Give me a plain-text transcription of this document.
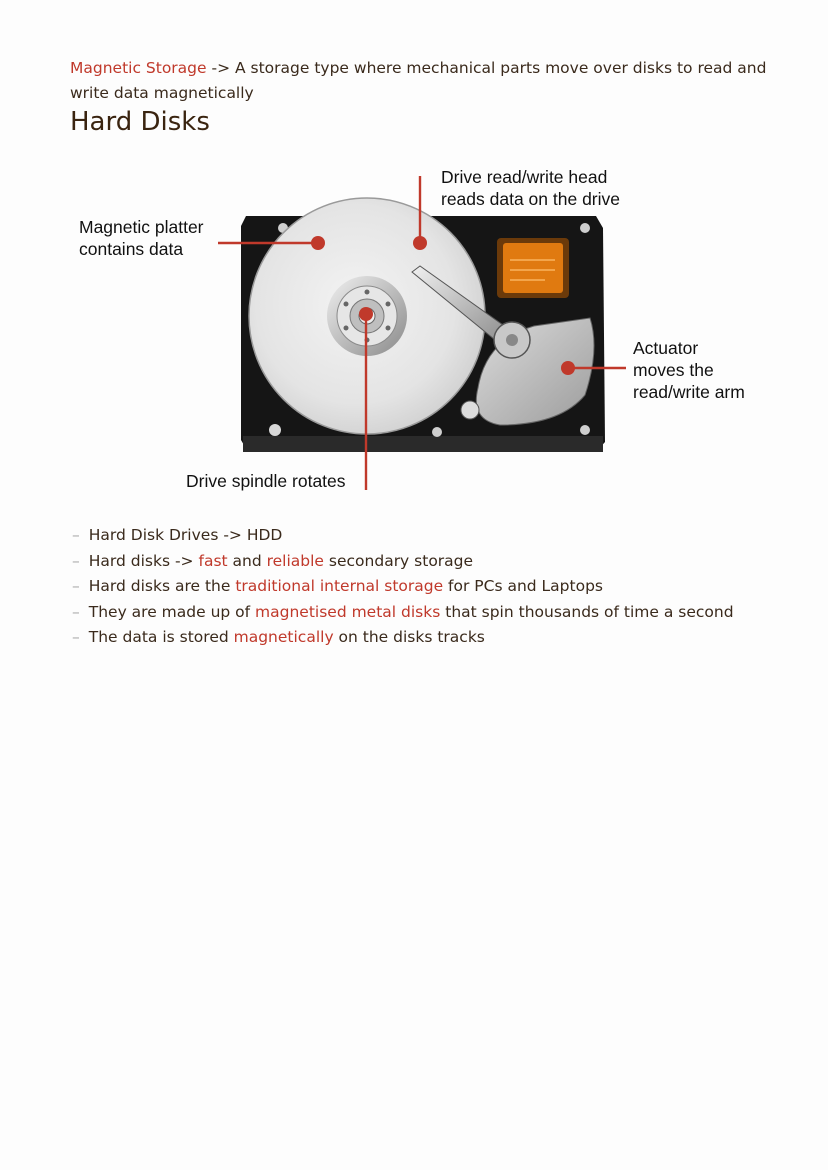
Magnetic Storage -> A storage type where mechanical parts move over disks to read and write data magnetically

Hard Disks
Magnetic platter
contains data
Drive read/write head
reads data on the drive
Actuator
moves the
read/write arm
Drive spindle rotates
– Hard Disk Drives -> HDD
– Hard disks -> fast and reliable secondary storage
– Hard disks are the traditional internal storage for PCs and Laptops
– They are made up of magnetised metal disks that spin thousands of time a second
– The data is stored magnetically on the disks tracks
